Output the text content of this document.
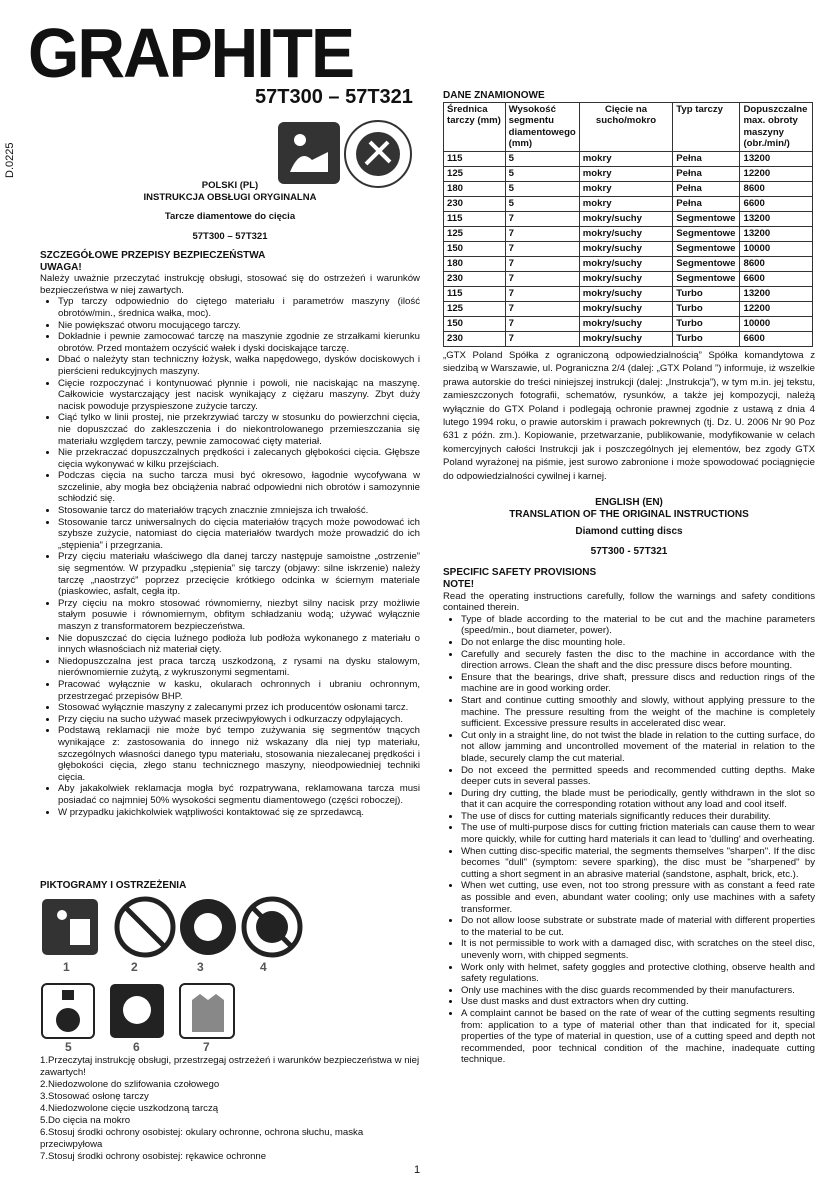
GRAPHITE
57T300 – 57T321
D.0225
POLSKI (PL)
INSTRUKCJA OBSŁUGI ORYGINALNA
Tarcze diamentowe do cięcia
57T300 – 57T321
SZCZEGÓŁOWE PRZEPISY BEZPIECZEŃSTWA
UWAGA!
Należy uważnie przeczytać instrukcję obsługi, stosować się do ostrzeżeń i warunków bezpieczeństwa w niej zawartych.
• Typ tarczy odpowiednio do ciętego materiału i parametrów maszyny (ilość obrotów/min., średnica wałka, moc).
• Nie powiększać otworu mocującego tarczy.
• Dokładnie i pewnie zamocować tarczę na maszynie zgodnie ze strzałkami kierunku obrotów. Przed montażem oczyścić wałek i dyski dociskające tarczę.
• Dbać o należyty stan techniczny łożysk, wałka napędowego, dysków dociskowych i pierścieni redukcyjnych maszyny.
• Cięcie rozpoczynać i kontynuować płynnie i powoli, nie naciskając na maszynę. Całkowicie wystarczający jest nacisk wynikający z ciężaru maszyny. Zbyt duży nacisk powoduje przyspieszone zużycie tarczy.
• Ciąć tylko w linii prostej, nie przekrzywiać tarczy w stosunku do powierzchni cięcia, nie dopuszczać do zakleszczenia i do niekontrolowanego przemieszczania się materiału względem tarczy, pewnie zamocować cięty materiał.
• Nie przekraczać dopuszczalnych prędkości i zalecanych głębokości cięcia. Głębsze cięcia wykonywać w kilku przejściach.
• Podczas cięcia na sucho tarcza musi być okresowo, łagodnie wycofywana w szczelinie, aby mogła bez obciążenia nabrać odpowiedni nich obrotów i samozynnie schłodzić się.
• Stosowanie tarcz do materiałów trących znacznie zmniejsza ich trwałość.
• Stosowanie tarcz uniwersalnych do cięcia materiałów trących może powodować ich szybsze zużycie, natomiast do cięcia materiałów twardych może prowadzić do ich „stępienia” i przegrzania.
• Przy cięciu materiału właściwego dla danej tarczy następuje samoistne „ostrzenie” się segmentów. W przypadku „stępienia” się tarczy (objawy: silne iskrzenie) należy tarczę „naostrzyć” poprzez przecięcie krótkiego odcinka w ściernym materiale (piaskowiec, asfalt, cegła itp.
• Przy cięciu na mokro stosować równomierny, niezbyt silny nacisk przy możliwie stałym posuwie i równomiernym, obfitym schładzaniu wodą; używać wyłącznie maszyn z transformatorem bezpieczeństwa.
• Nie dopuszczać do cięcia luźnego podłoża lub podłoża wykonanego z materiału o innych własnościach niż materiał cięty.
• Niedopuszczalna jest praca tarczą uszkodzoną, z rysami na dysku stalowym, nierównomiernie zużytą, z wykruszonymi segmentami.
• Pracować wyłącznie w kasku, okularach ochronnych i ubraniu ochronnym, przestrzegać przepisów BHP.
• Stosować wyłącznie maszyny z zalecanymi przez ich producentów osłonami tarcz.
• Przy cięciu na sucho używać masek przeciwpyłowych i odkurzaczy odpylających.
• Podstawą reklamacji nie może być tempo zużywania się segmentów tnących wynikające z: zastosowania do innego niż wskazany dla niej typ materiału, szczególnych własności danego typu materiału, stosowania niezalecanej prędkości i głębokości cięcia, złego stanu technicznego maszyny, nieodpowiedniej techniki cięcia.
• Aby jakakolwiek reklamacja mogła być rozpatrywana, reklamowana tarcza musi posiadać co najmniej 50% wysokości segmentu diamentowego (części roboczej).
• W przypadku jakichkolwiek wątpliwości kontaktować się ze sprzedawcą.
PIKTOGRAMY I OSTRZEŻENIA
1	2	3	4
5	6	7
1.Przeczytaj instrukcję obsługi, przestrzegaj ostrzeżeń i warunków bezpieczeństwa w niej zawartych!
2.Niedozwolone do szlifowania czołowego
3.Stosować osłonę tarczy
4.Niedozwolone cięcie uszkodzoną tarczą
5.Do cięcia na mokro
6.Stosuj środki ochrony osobistej: okulary ochronne, ochrona słuchu, maska przeciwpyłowa
7.Stosuj środki ochrony osobistej: rękawice ochronne
DANE ZNAMIONOWE
Średnica tarczy (mm)	Wysokość segmentu diamentowego (mm)	Cięcie na sucho/mokro	Typ tarczy	Dopuszczalne max. obroty maszyny (obr./min/)
115	5	mokry	Pełna	13200
125	5	mokry	Pełna	12200
180	5	mokry	Pełna	8600
230	5	mokry	Pełna	6600
115	7	mokry/suchy	Segmentowe	13200
125	7	mokry/suchy	Segmentowe	13200
150	7	mokry/suchy	Segmentowe	10000
180	7	mokry/suchy	Segmentowe	8600
230	7	mokry/suchy	Segmentowe	6600
115	7	mokry/suchy	Turbo	13200
125	7	mokry/suchy	Turbo	12200
150	7	mokry/suchy	Turbo	10000
230	7	mokry/suchy	Turbo	6600
„GTX Poland Spółka z ograniczoną odpowiedzialnością” Spółka komandytowa z siedzibą w Warszawie, ul. Pograniczna 2/4 (dalej: „GTX Poland ”) informuje, iż wszelkie prawa autorskie do treści niniejszej instrukcji (dalej: „Instrukcja”), w tym m.in. jej tekstu, zamieszczonych fotografii, schematów, rysunków, a także jej kompozycji, należą wyłącznie do GTX Poland i podlegają ochronie prawnej zgodnie z ustawą z dnia 4 lutego 1994 roku, o prawie autorskim i prawach pokrewnych (tj. Dz. U. 2006 Nr 90 Poz 631 z późn. zm.). Kopiowanie, przetwarzanie, publikowanie, modyfikowanie w celach komercyjnych całości Instrukcji jak i poszczególnych jej elementów, bez zgody GTX Poland wyrażonej na piśmie, jest surowo zabronione i może spowodować pociągnięcie do odpowiedzialności cywilnej i karnej.
ENGLISH (EN)
TRANSLATION OF THE ORIGINAL INSTRUCTIONS
Diamond cutting discs
57T300 - 57T321
SPECIFIC SAFETY PROVISIONS
NOTE!
Read the operating instructions carefully, follow the warnings and safety conditions contained therein.
• Type of blade according to the material to be cut and the machine parameters (speed/min., bout diameter, power).
• Do not enlarge the disc mounting hole.
• Carefully and securely fasten the disc to the machine in accordance with the direction arrows. Clean the shaft and the disc pressure discs before mounting.
• Ensure that the bearings, drive shaft, pressure discs and reduction rings of the machine are in good working order.
• Start and continue cutting smoothly and slowly, without applying pressure to the machine. The pressure resulting from the weight of the machine is completely sufficient. Excessive pressure results in accelerated disc wear.
• Cut only in a straight line, do not twist the blade in relation to the cutting surface, do not allow jamming and uncontrolled movement of the material in relation to the blade, securely clamp the cut material.
• Do not exceed the permitted speeds and recommended cutting depths. Make deeper cuts in several passes.
• During dry cutting, the blade must be periodically, gently withdrawn in the slot so that it can acquire the corresponding rotation without any load and cool itself.
• The use of discs for cutting materials significantly reduces their durability.
• The use of multi-purpose discs for cutting friction materials can cause them to wear more quickly, while for cutting hard materials it can lead to 'dulling' and overheating.
• When cutting disc-specific material, the segments themselves "sharpen". If the disc becomes "dull" (symptom: severe sparking), the disc must be "sharpened" by cutting a short segment in an abrasive material (sandstone, asphalt, brick, etc.).
• When wet cutting, use even, not too strong pressure with as constant a feed rate as possible and even, abundant water cooling; only use machines with a safety transformer.
• Do not allow loose substrate or substrate made of material with different properties to the material to be cut.
• It is not permissible to work with a damaged disc, with scratches on the steel disc, unevenly worn, with chipped segments.
• Work only with helmet, safety goggles and protective clothing, observe health and safety regulations.
• Only use machines with the disc guards recommended by their manufacturers.
• Use dust masks and dust extractors when dry cutting.
• A complaint cannot be based on the rate of wear of the cutting segments resulting from: application to a type of material other than that indicated for it, special properties of the type of material in question, use of a cutting speed and depth not recommended, poor technical condition of the machine, inadequate cutting technique.
1
